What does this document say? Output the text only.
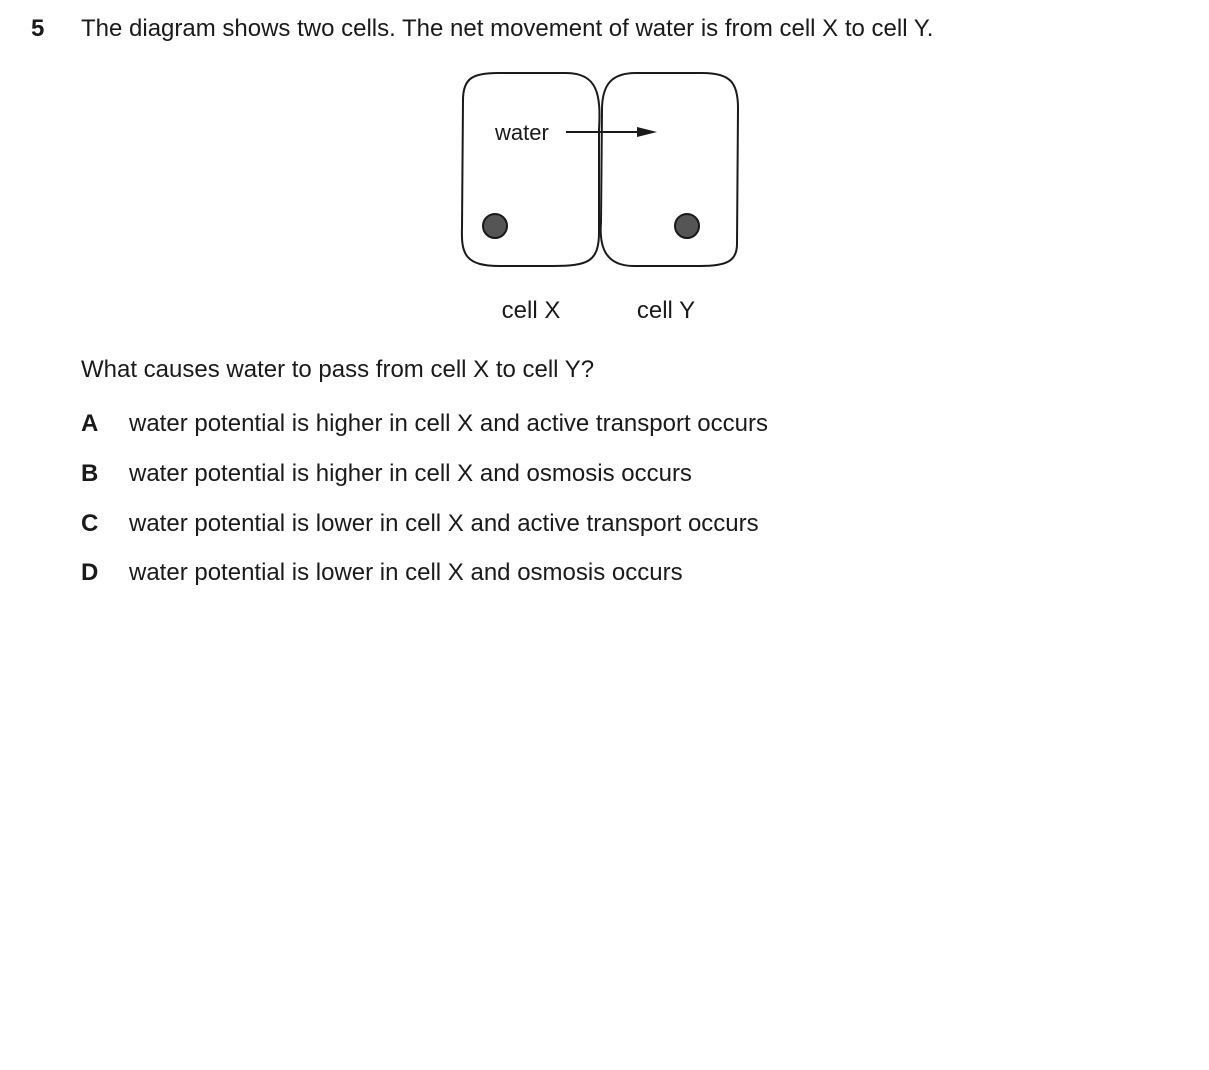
5 The diagram shows two cells. The net movement of water is from cell X to cell Y.
water
cell X	cell Y
What causes water to pass from cell X to cell Y?
A water potential is higher in cell X and active transport occurs
B water potential is higher in cell X and osmosis occurs
C water potential is lower in cell X and active transport occurs
D water potential is lower in cell X and osmosis occurs
